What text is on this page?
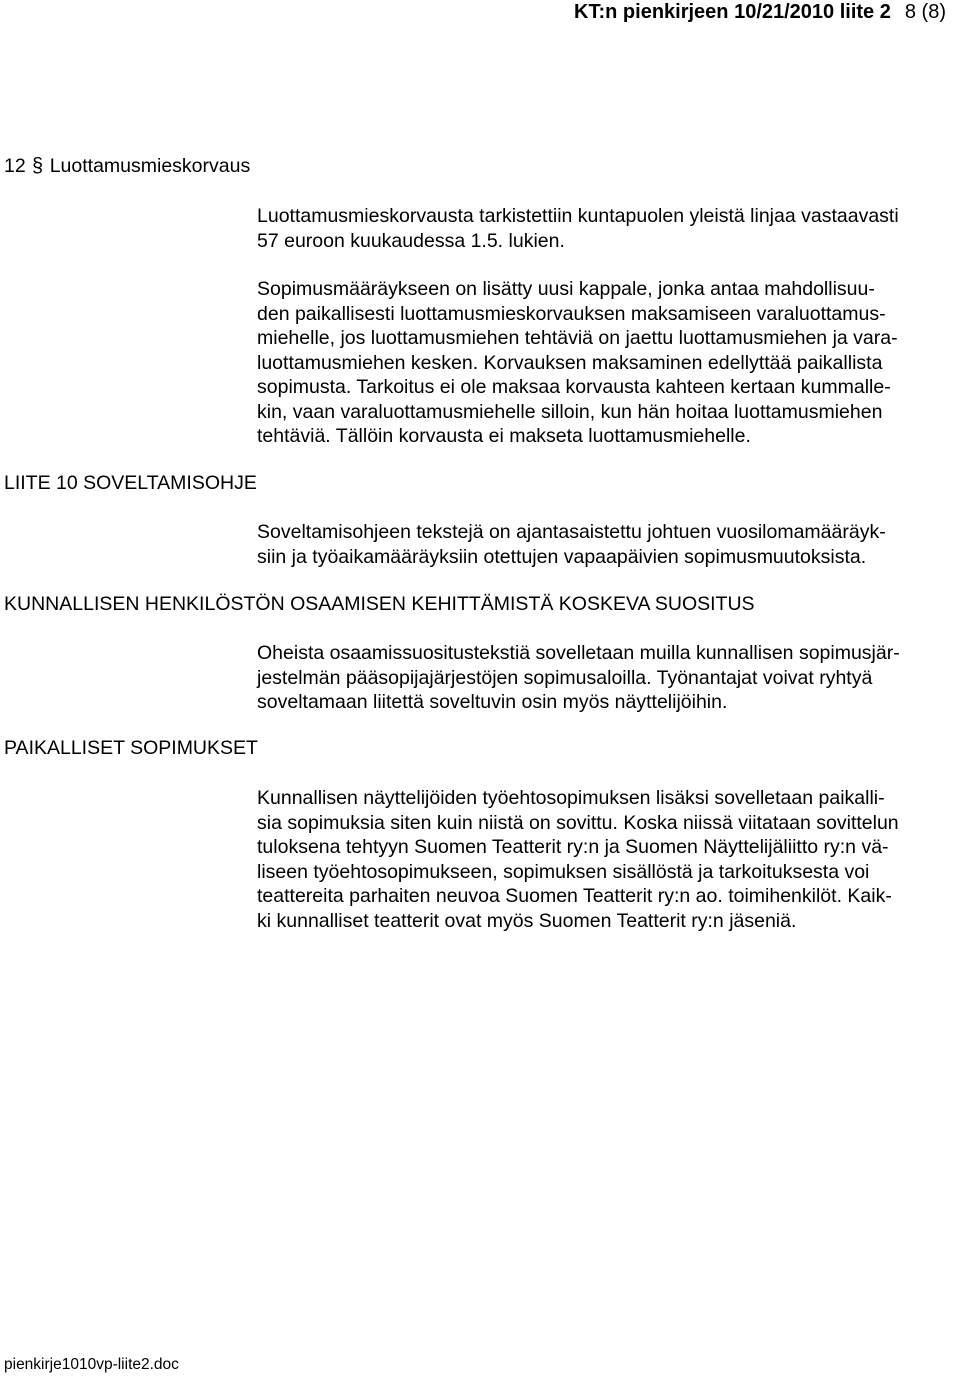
KT:n pienkirjeen 10/21/2010 liite 2 8 (8)
12 § Luottamusmieskorvaus
Luottamusmieskorvausta tarkistettiin kuntapuolen yleistä linjaa vastaavasti
57 euroon kuukaudessa 1.5. lukien.
Sopimusmääräykseen on lisätty uusi kappale, jonka antaa mahdollisuu-
den paikallisesti luottamusmieskorvauksen maksamiseen varaluottamus-
miehelle, jos luottamusmiehen tehtäviä on jaettu luottamusmiehen ja vara-
luottamusmiehen kesken. Korvauksen maksaminen edellyttää paikallista
sopimusta. Tarkoitus ei ole maksaa korvausta kahteen kertaan kummalle-
kin, vaan varaluottamusmiehelle silloin, kun hän hoitaa luottamusmiehen
tehtäviä. Tällöin korvausta ei makseta luottamusmiehelle.
LIITE 10 SOVELTAMISOHJE
Soveltamisohjeen tekstejä on ajantasaistettu johtuen vuosilomamääräyk-
siin ja työaikamääräyksiin otettujen vapaapäivien sopimusmuutoksista.
KUNNALLISEN HENKILÖSTÖN OSAAMISEN KEHITTÄMISTÄ KOSKEVA SUOSITUS
Oheista osaamissuositustekstiä sovelletaan muilla kunnallisen sopimusjär-
jestelmän pääsopijajärjestöjen sopimusaloilla. Työnantajat voivat ryhtyä
soveltamaan liitettä soveltuvin osin myös näyttelijöihin.
PAIKALLISET SOPIMUKSET
Kunnallisen näyttelijöiden työehtosopimuksen lisäksi sovelletaan paikalli-
sia sopimuksia siten kuin niistä on sovittu. Koska niissä viitataan sovittelun
tuloksena tehtyyn Suomen Teatterit ry:n ja Suomen Näyttelijäliitto ry:n vä-
liseen työehtosopimukseen, sopimuksen sisällöstä ja tarkoituksesta voi
teattereita parhaiten neuvoa Suomen Teatterit ry:n ao. toimihenkilöt. Kaik-
ki kunnalliset teatterit ovat myös Suomen Teatterit ry:n jäseniä.
pienkirje1010vp-liite2.doc
